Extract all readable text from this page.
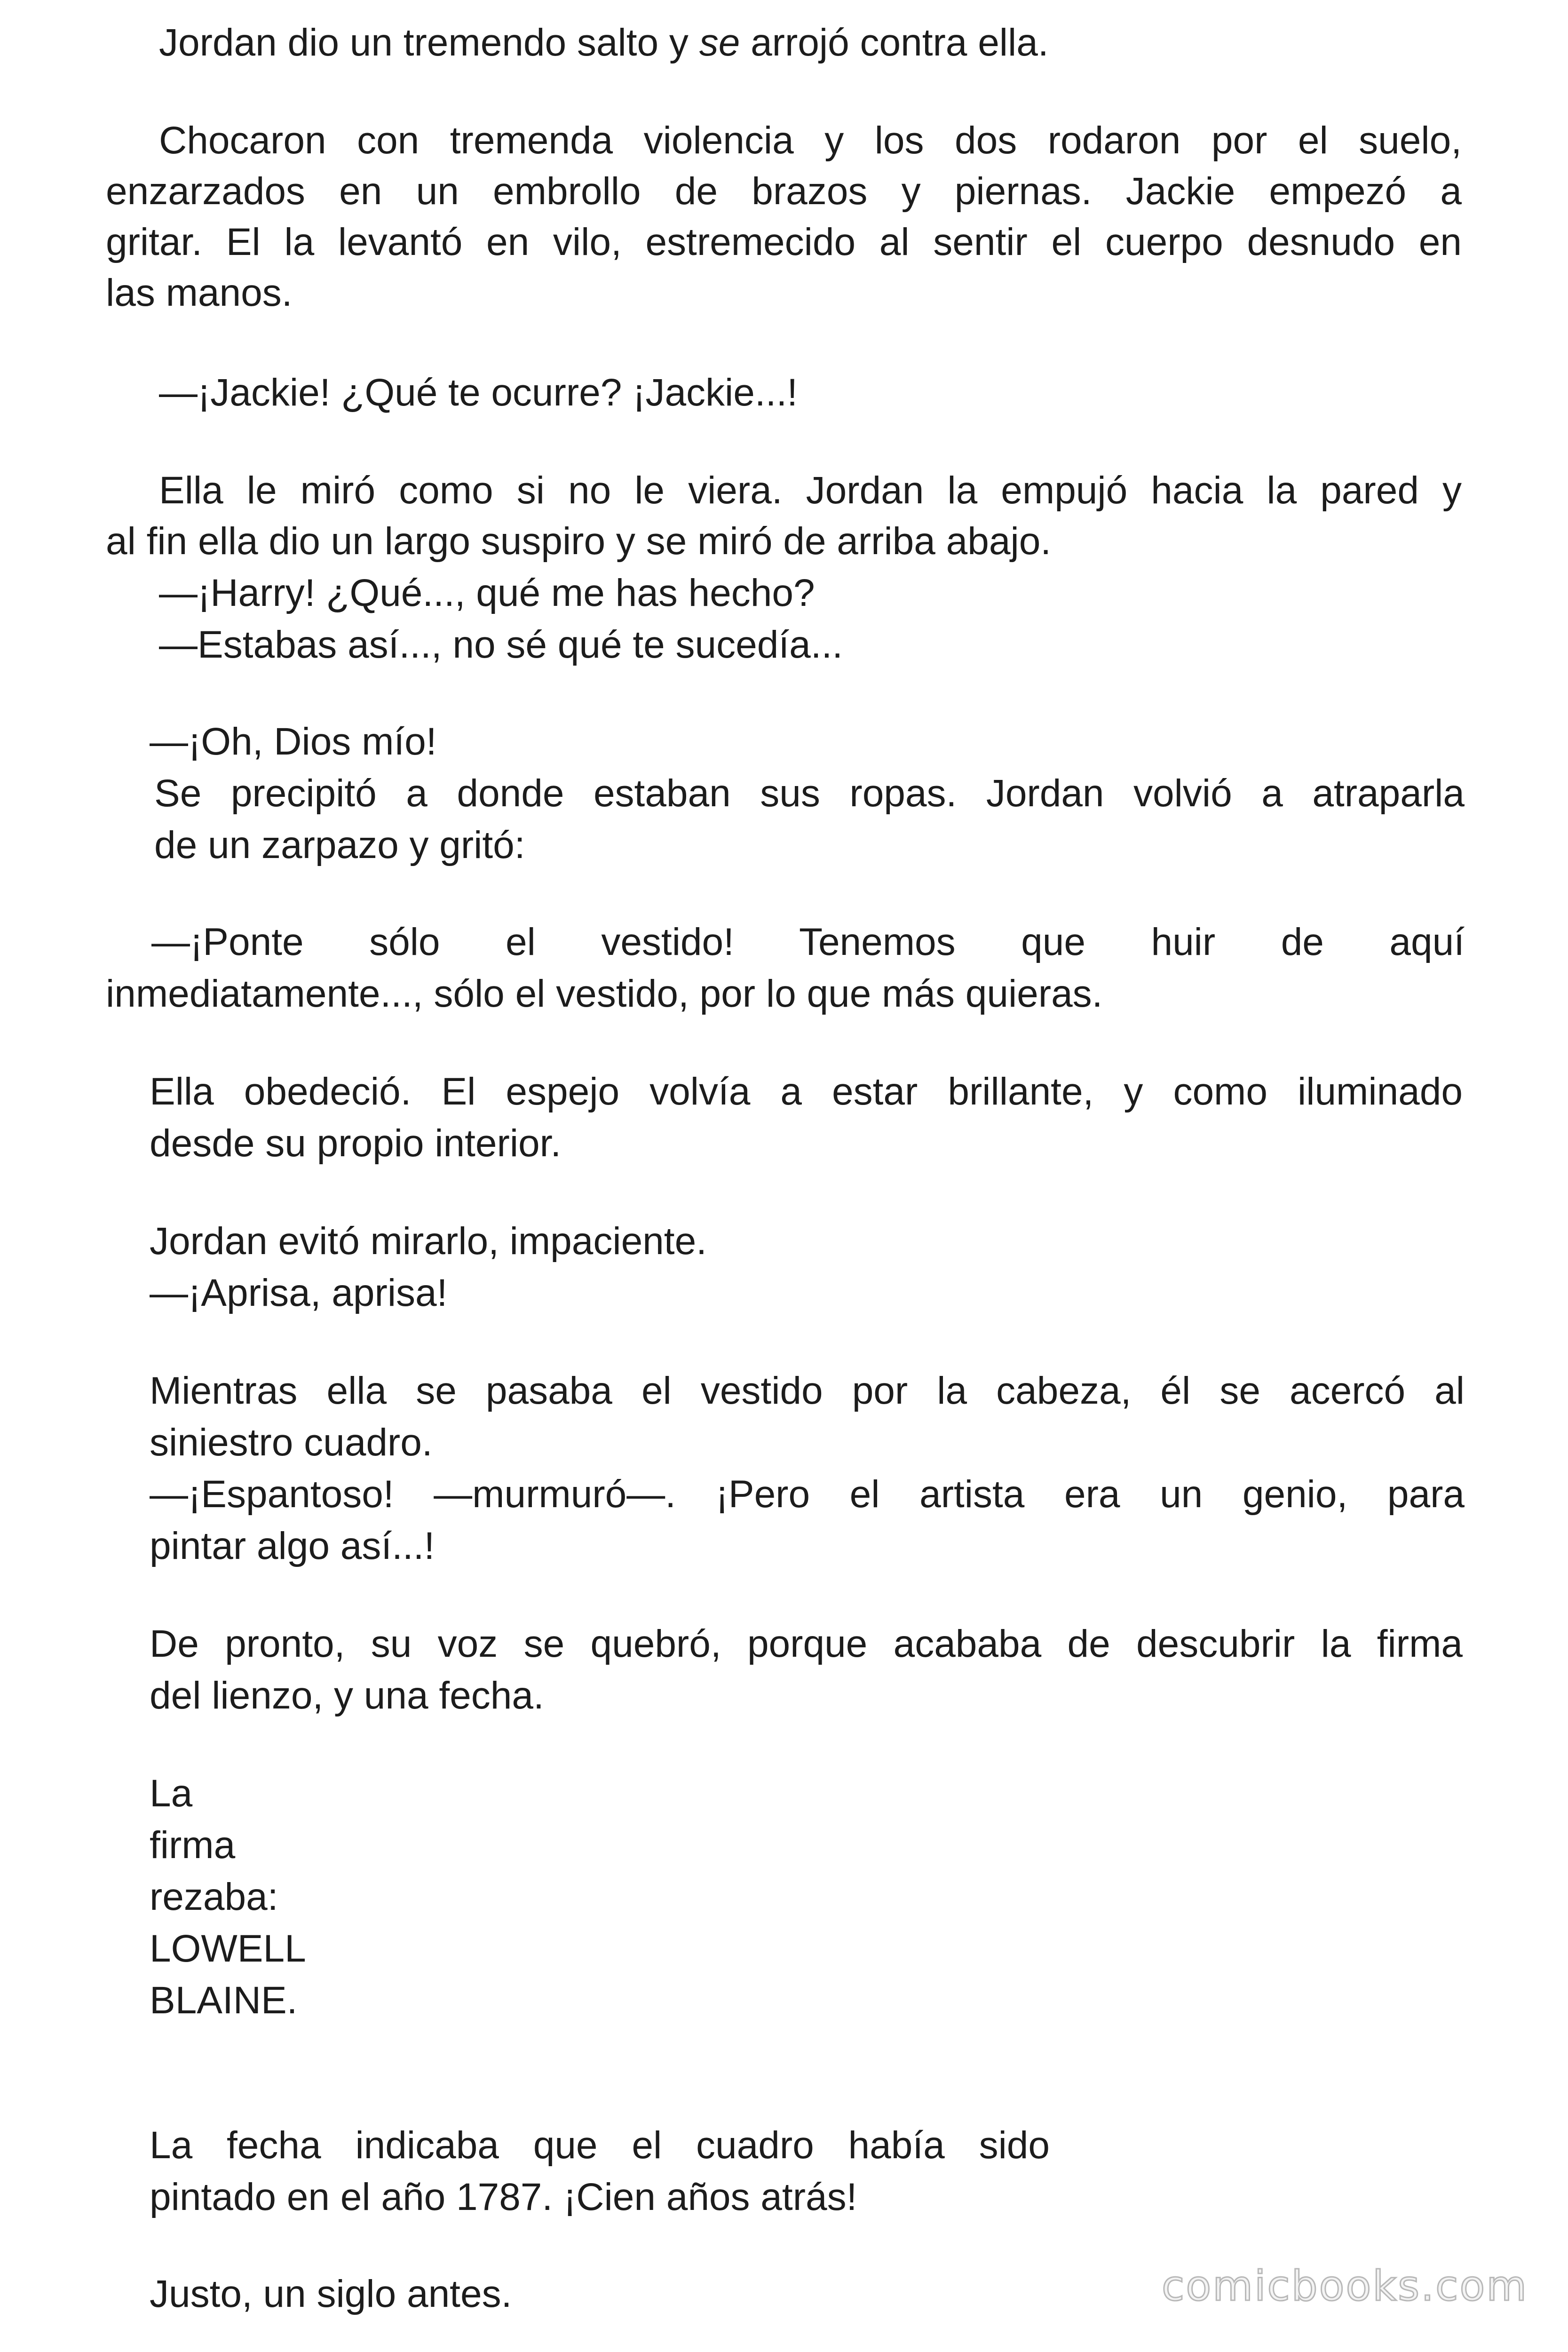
Jordan dio un tremendo salto y se arrojó contra ella.

Chocaron con tremenda violencia y los dos rodaron por el suelo,

enzarzados en un embrollo de brazos y piernas. Jackie empezó a

gritar. El la levantó en vilo, estremecido al sentir el cuerpo desnudo en

las manos.

—¡Jackie! ¿Qué te ocurre? ¡Jackie...!

Ella le miró como si no le viera. Jordan la empujó hacia la pared y

al fin ella dio un largo suspiro y se miró de arriba abajo.

—¡Harry! ¿Qué..., qué me has hecho?

—Estabas así..., no sé qué te sucedía...

—¡Oh, Dios mío!

Se precipitó a donde estaban sus ropas. Jordan volvió a atraparla

de un zarpazo y gritó:

—¡Ponte sólo el vestido! Tenemos que huir de aquí

inmediatamente..., sólo el vestido, por lo que más quieras.

Ella obedeció. El espejo volvía a estar brillante, y como iluminado

desde su propio interior.

Jordan evitó mirarlo, impaciente.

—¡Aprisa, aprisa!

Mientras ella se pasaba el vestido por la cabeza, él se acercó al

siniestro cuadro.

—¡Espantoso! —murmuró—. ¡Pero el artista era un genio, para

pintar algo así...!

De pronto, su voz se quebró, porque acababa de descubrir la firma

del lienzo, y una fecha.

La

firma

rezaba:

LOWELL

BLAINE.

La fecha indicaba que el cuadro había sido

pintado en el año 1787. ¡Cien años atrás!

Justo, un siglo antes.	comicbooks.com
